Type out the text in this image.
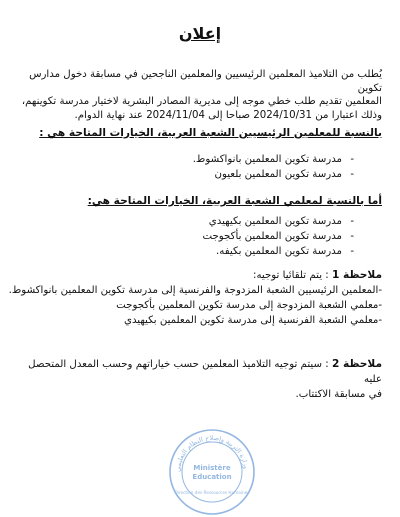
إعلان
يُطلب من التلاميذ المعلمين الرئيسيين والمعلمين الناجحين في مسابقة دخول مدارس تكوين
المعلمين تقديم طلب خطي موجه إلى مديرية المصادر البشرية لاختيار مدرسة تكوينهم،
وذلك اعتبارا من 2024/10/31 صباحا إلى 2024/11/04 عند نهاية الدوام.
بالنسبة للمعلمين الرئيسيين الشعبة العربية، الخيارات المتاحة هي :
- مدرسة تكوين المعلمين بانواكشوط.
- مدرسة تكوين المعلمين بلعيون
أما بالنسبة لمعلمي الشعبة العربية، الخيارات المتاحة هي:
- مدرسة تكوين المعلمين بكيهيدي
- مدرسة تكوين المعلمين بأكجوجت
- مدرسة تكوين المعلمين بكيفه.
ملاحظة 1 : يتم تلقائيا توجيه:
-المعلمين الرئيسيين الشعبة المزدوجة والفرنسية إلى مدرسة تكوين المعلمين بانواكشوط.
-معلمي الشعبة المزدوجة إلى مدرسة تكوين المعلمين بأكجوجت
-معلمي الشعبة الفرنسية إلى مدرسة تكوين المعلمين بكيهيدي
ملاحظة 2 : سيتم توجيه التلاميذ المعلمين حسب خياراتهم وحسب المعدل المتحصل عليه
في مسابقة الاكتتاب.
وزارة التربية وإصلاح النظام التعليمي
Ministère
Education
Direction des Ressources Humaines
